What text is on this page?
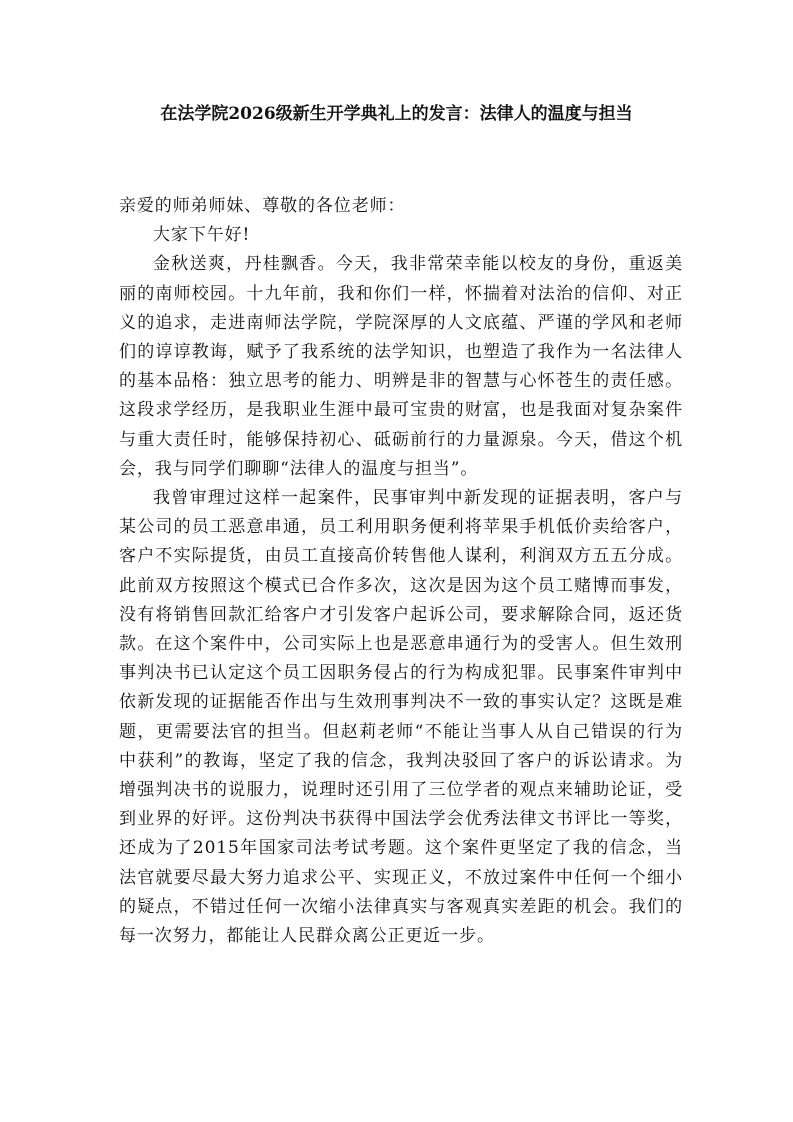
在法学院2026级新生开学典礼上的发言：法律人的温度与担当

亲爱的师弟师妹、尊敬的各位老师：

大家下午好!

金秋送爽，丹桂飘香。今天，我非常荣幸能以校友的身份，重返美丽的南师校园。十九年前，我和你们一样，怀揣着对法治的信仰、对正义的追求，走进南师法学院，学院深厚的人文底蕴、严谨的学风和老师们的谆谆教诲，赋予了我系统的法学知识，也塑造了我作为一名法律人的基本品格：独立思考的能力、明辨是非的智慧与心怀苍生的责任感。这段求学经历，是我职业生涯中最可宝贵的财富，也是我面对复杂案件与重大责任时，能够保持初心、砥砺前行的力量源泉。今天，借这个机会，我与同学们聊聊“法律人的温度与担当”。

我曾审理过这样一起案件，民事审判中新发现的证据表明，客户与某公司的员工恶意串通，员工利用职务便利将苹果手机低价卖给客户，客户不实际提货，由员工直接高价转售他人谋利，利润双方五五分成。此前双方按照这个模式已合作多次，这次是因为这个员工赌博而事发，没有将销售回款汇给客户才引发客户起诉公司，要求解除合同，返还货款。在这个案件中，公司实际上也是恶意串通行为的受害人。但生效刑事判决书已认定这个员工因职务侵占的行为构成犯罪。民事案件审判中依新发现的证据能否作出与生效刑事判决不一致的事实认定？这既是难题，更需要法官的担当。但赵莉老师“不能让当事人从自己错误的行为中获利”的教诲，坚定了我的信念，我判决驳回了客户的诉讼请求。为增强判决书的说服力，说理时还引用了三位学者的观点来辅助论证，受到业界的好评。这份判决书获得中国法学会优秀法律文书评比一等奖，还成为了2015年国家司法考试考题。这个案件更坚定了我的信念，当法官就要尽最大努力追求公平、实现正义，不放过案件中任何一个细小的疑点，不错过任何一次缩小法律真实与客观真实差距的机会。我们的每一次努力，都能让人民群众离公正更近一步。
